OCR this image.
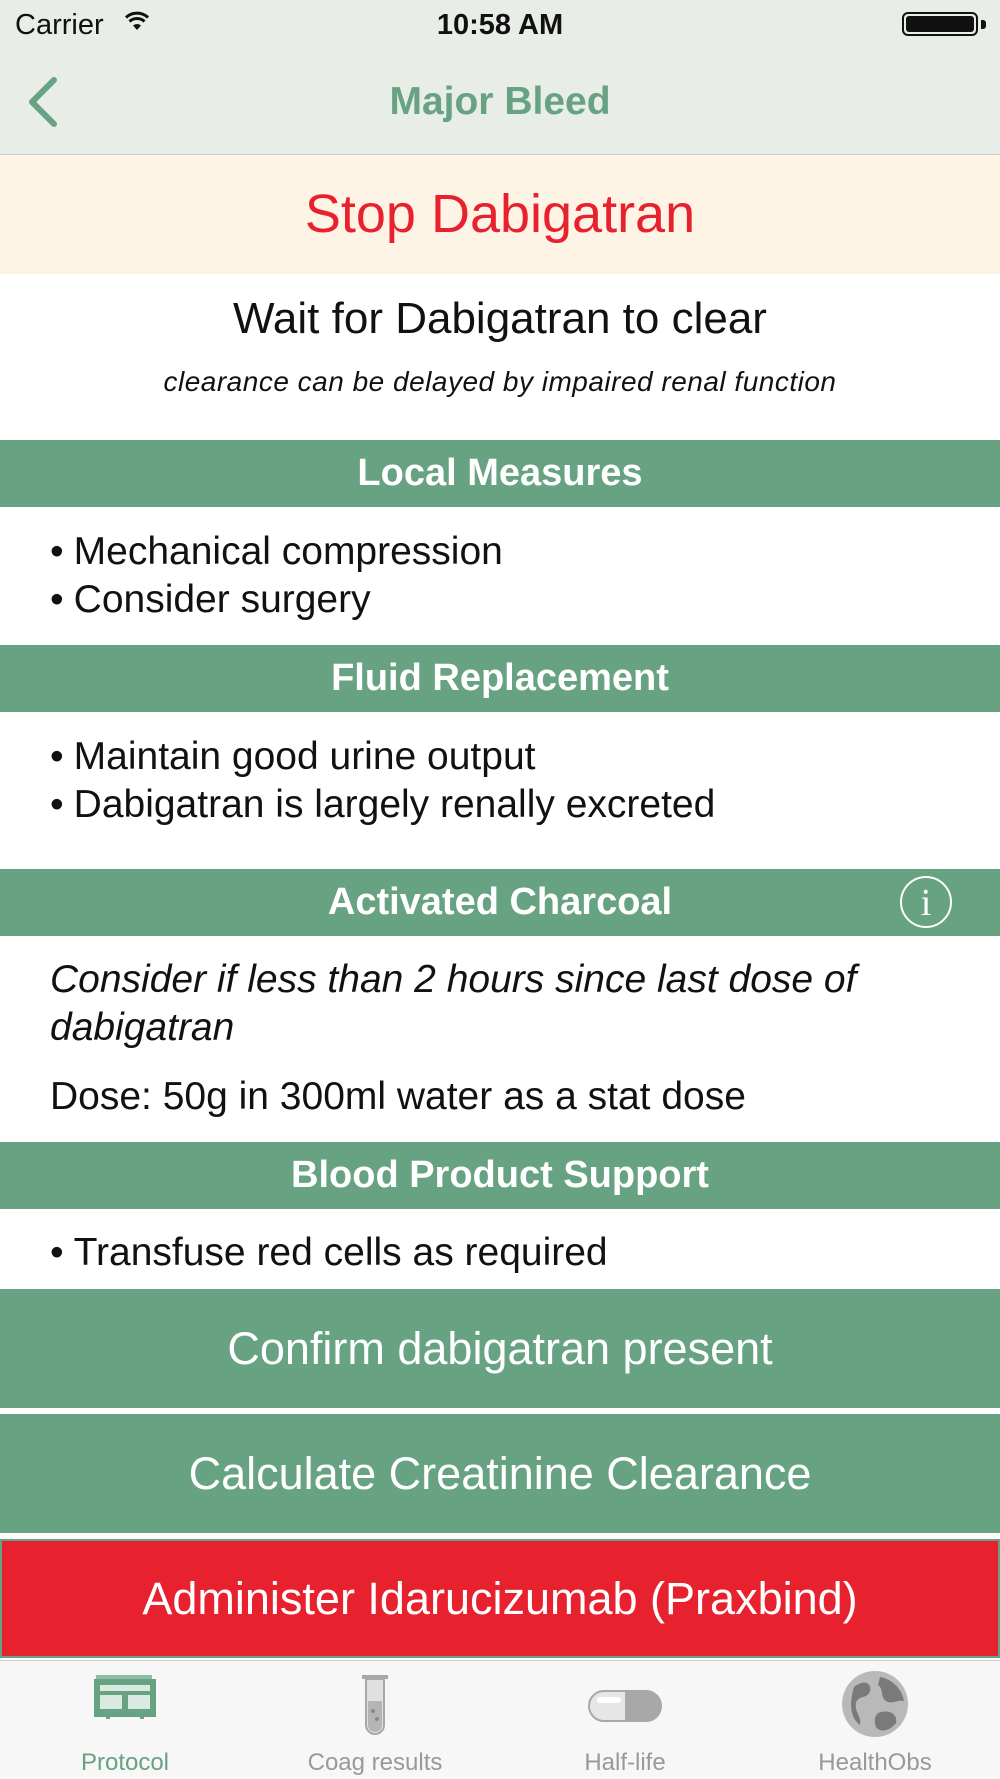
Carrier	10:58 AM
Major Bleed
Stop Dabigatran
Wait for Dabigatran to clear
clearance can be delayed by impaired renal function
Local Measures
• Mechanical compression
• Consider surgery
Fluid Replacement
• Maintain good urine output
• Dabigatran is largely renally excreted
Activated Charcoal	i
Consider if less than 2 hours since last dose of dabigatran
Dose: 50g in 300ml water as a stat dose
Blood Product Support
• Transfuse red cells as required
Confirm dabigatran present
Calculate Creatinine Clearance
Administer Idarucizumab (Praxbind)
Protocol	Coag results	Half-life	HealthObs
